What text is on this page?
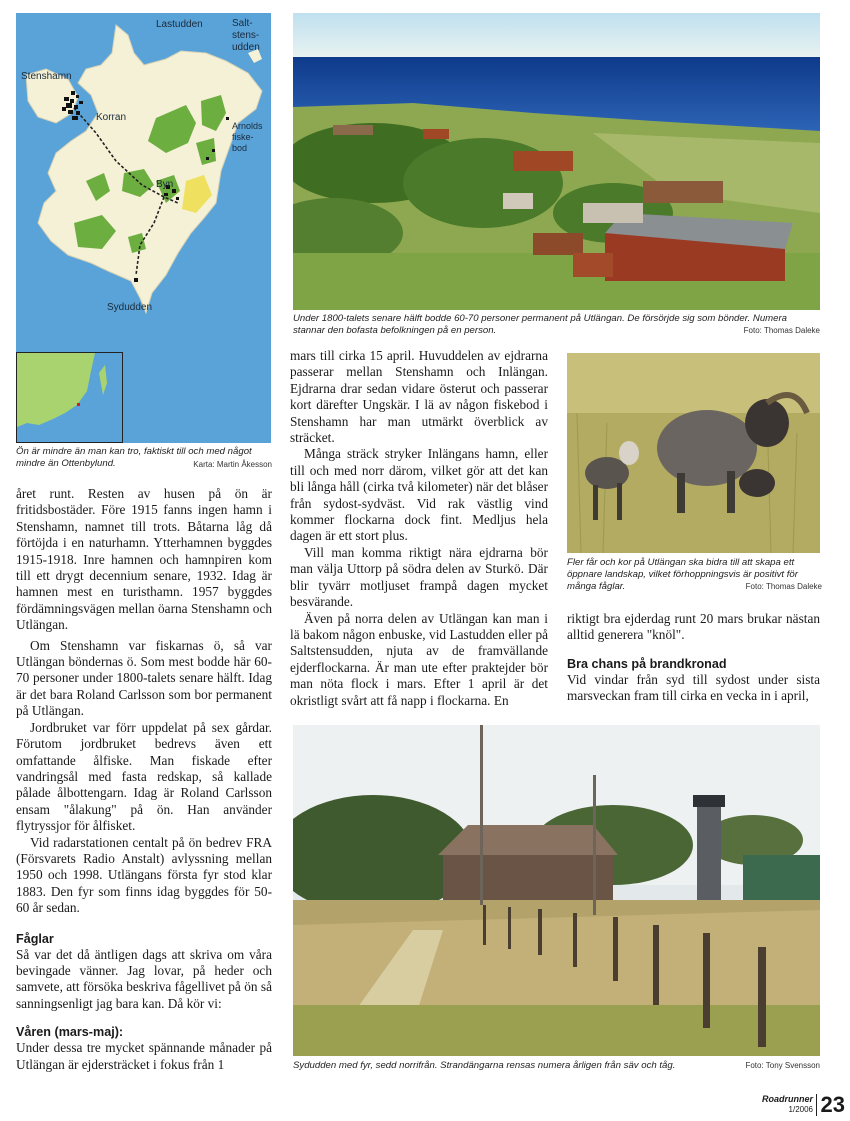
Lastudden	Salt-
stens-
udden
Stenshamn
Korran
Arnolds
fiske-
bod
Byn
Sydudden
Ön är mindre än man kan tro, faktiskt till och med något mindre än Ottenbylund.	Karta: Martin Åkesson
Under 1800-talets senare hälft bodde 60-70 personer permanent på Utlängan. De försörjde sig som bönder. Numera stannar den bofasta befolkningen på en person.	Foto: Thomas Daleke
Fler får och kor på Utlängan ska bidra till att skapa ett öppnare landskap, vilket förhoppningsvis är positivt för många fåglar.	Foto: Thomas Daleke
Sydudden med fyr, sedd norrifrån. Strandängarna rensas numera årligen från säv och tåg.	Foto: Tony Svensson

året runt. Resten av husen på ön är fritidsbostäder. Före 1915 fanns ingen hamn i Stenshamn, namnet till trots. Båtarna låg då förtöjda i en naturhamn. Ytterhamnen byggdes 1915-1918. Inre hamnen och hamnpiren kom till ett drygt decennium senare, 1932. Idag är hamnen mest en turisthamn. 1957 byggdes fördämningsvägen mellan öarna Stenshamn och Utlängan.

Om Stenshamn var fiskarnas ö, så var Utlängan böndernas ö. Som mest bodde här 60-70 personer under 1800-talets senare hälft. Idag är det bara Roland Carlsson som bor permanent på Utlängan.

Jordbruket var förr uppdelat på sex gårdar. Förutom jordbruket bedrevs även ett omfattande ålfiske. Man fiskade efter vandringsål med fasta redskap, så kallade pålade ålbottengarn. Idag är Roland Carlsson ensam "ålakung" på ön. Han använder flytryssjor för ålfisket.

Vid radarstationen centalt på ön bedrev FRA (Försvarets Radio Anstalt) avlyssning mellan 1950 och 1998. Utlängans första fyr stod klar 1883. Den fyr som finns idag byggdes för 50-60 år sedan.

Fåglar

Så var det då äntligen dags att skriva om våra bevingade vänner. Jag lovar, på heder och samvete, att försöka beskriva fågellivet på ön så sanningsenligt jag bara kan. Då kör vi:

Våren (mars-maj):

Under dessa tre mycket spännande månader på Utlängan är ejdersträcket i fokus från 1

mars till cirka 15 april. Huvuddelen av ejdrarna passerar mellan Stenshamn och Inlängan. Ejdrarna drar sedan vidare österut och passerar kort därefter Ungskär. I lä av någon fiskebod i Stenshamn har man utmärkt överblick av sträcket.

Många sträck stryker Inlängans hamn, eller till och med norr därom, vilket gör att det kan bli långa håll (cirka två kilometer) när det blåser från sydost-sydväst. Vid rak västlig vind kommer flockarna dock fint. Medljus hela dagen är ett stort plus.

Vill man komma riktigt nära ejdrarna bör man välja Uttorp på södra delen av Sturkö. Där blir tyvärr motljuset frampå dagen mycket besvärande.

Även på norra delen av Utlängan kan man i lä bakom någon enbuske, vid Lastudden eller på Saltstensudden, njuta av de framvällande ejderflockarna. Är man ute efter praktejder bör man nöta flock i mars. Efter 1 april är det okristligt svårt att få napp i flockarna. En

riktigt bra ejderdag runt 20 mars brukar nästan alltid generera "knöl".

Bra chans på brandkronad

Vid vindar från syd till sydost under sista marsveckan fram till cirka en vecka in i april,

Roadrunner
1/2006 23
